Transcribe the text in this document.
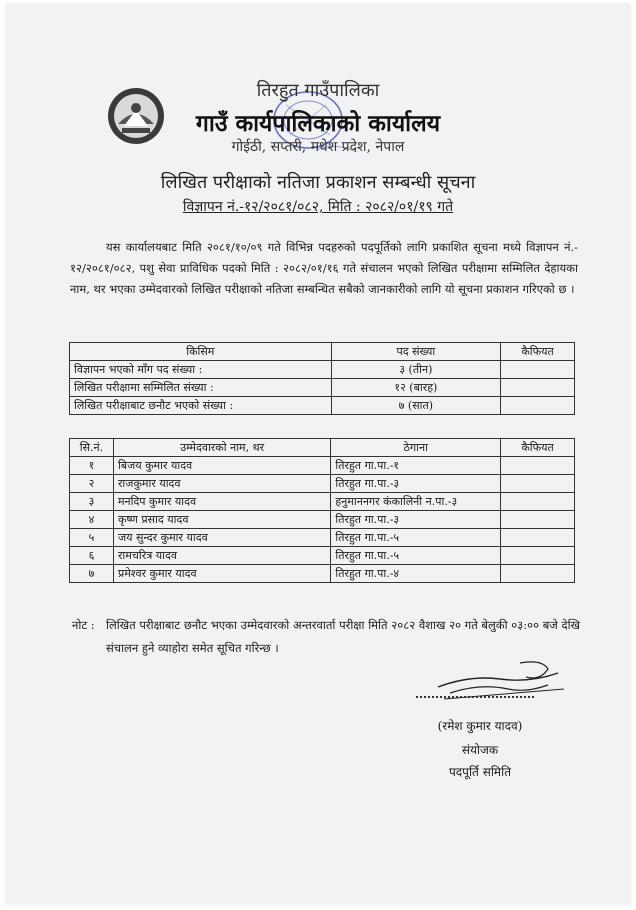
तिरहुत गाउँपालिका
गाउँ कार्यपालिकाको कार्यालय
गोईठी, सप्तरी, मधेश प्रदेश, नेपाल
लिखित परीक्षाको नतिजा प्रकाशन सम्बन्धी सूचना
विज्ञापन नं.-१२/२०८१/०८२, मिति : २०८२/०१/१९ गते
यस कार्यालयबाट मिति २०८१/१०/०९ गते विभिन्न पदहरुको पदपूर्तिको लागि प्रकाशित सूचना मध्ये विज्ञापन नं.- १२/२०८१/०८२, पशु सेवा प्राविधिक पदको मिति : २०८२/०१/१६ गते संचालन भएको लिखित परीक्षामा सम्मिलित देहायका नाम, थर भएका उम्मेदवारको लिखित परीक्षाको नतिजा सम्बन्धित सबैको जानकारीको लागि यो सूचना प्रकाशन गरिएको छ ।
किसिम	पद संख्या	कैफियत
विज्ञापन भएको माँग पद संख्या :	३ (तीन)	
लिखित परीक्षामा सम्मिलित संख्या :	१२ (बारह)	
लिखित परीक्षाबाट छनौट भएको संख्या :	७ (सात)	
सि.नं.	उम्मेदवारको नाम, थर	ठेगाना	कैफियत
१	बिजय कुमार यादव	तिरहुत गा.पा.-१	
२	राजकुमार यादव	तिरहुत गा.पा.-३	
३	मनदिप कुमार यादव	हनुमाननगर कंकालिनी न.पा.-३	
४	कृष्ण प्रसाद यादव	तिरहुत गा.पा.-३	
५	जय सुन्दर कुमार यादव	तिरहुत गा.पा.-५	
६	रामचरित्र यादव	तिरहुत गा.पा.-५	
७	प्रमेश्वर कुमार यादव	तिरहुत गा.पा.-४	
नोट : लिखित परीक्षाबाट छनौट भएका उम्मेदवारको अन्तरवार्ता परीक्षा मिति २०८२ वैशाख २० गते बेलुकी ०३:०० बजे देखि संचालन हुने व्याहोरा समेत सूचित गरिन्छ ।
(रमेश कुमार यादव)
संयोजक
पदपूर्ति समिति
